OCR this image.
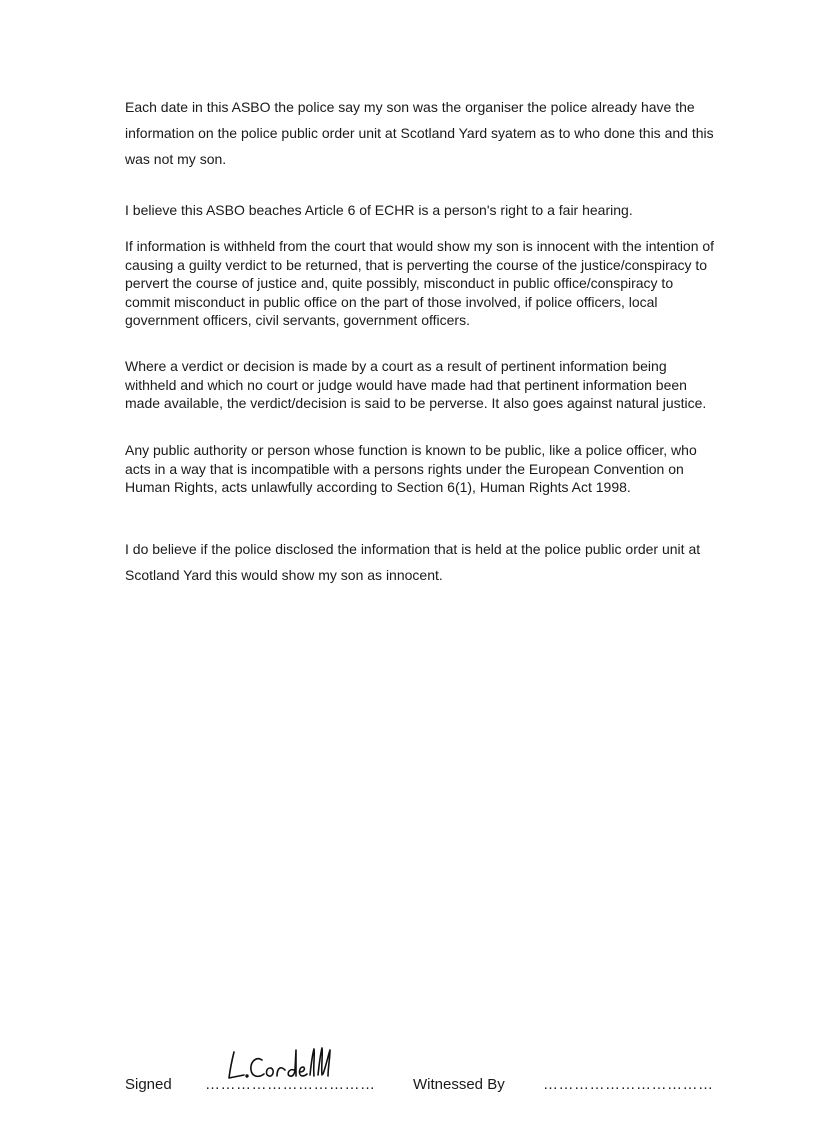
Each date in this ASBO the police say my son was the organiser the police already have the information on the police public order unit at Scotland Yard syatem as to who done this and this was not my son.

I believe this ASBO beaches Article 6 of ECHR is a person's right to a fair hearing.

If information is withheld from the court that would show my son is innocent with the intention of causing a guilty verdict to be returned, that is perverting the course of the justice/conspiracy to pervert the course of justice and, quite possibly, misconduct in public office/conspiracy to commit misconduct in public office on the part of those involved, if police officers, local government officers, civil servants, government officers.

Where a verdict or decision is made by a court as a result of pertinent information being withheld and which no court or judge would have made had that pertinent information been made available, the verdict/decision is said to be perverse. It also goes against natural justice.

Any public authority or person whose function is known to be public, like a police officer, who acts in a way that is incompatible with a persons rights under the European Convention on Human Rights, acts unlawfully according to Section 6(1), Human Rights Act 1998.

I do believe if the police disclosed the information that is held at the police public order unit at Scotland Yard this would show my son as innocent.

Signed ……………………………	Witnessed By	……………………………
